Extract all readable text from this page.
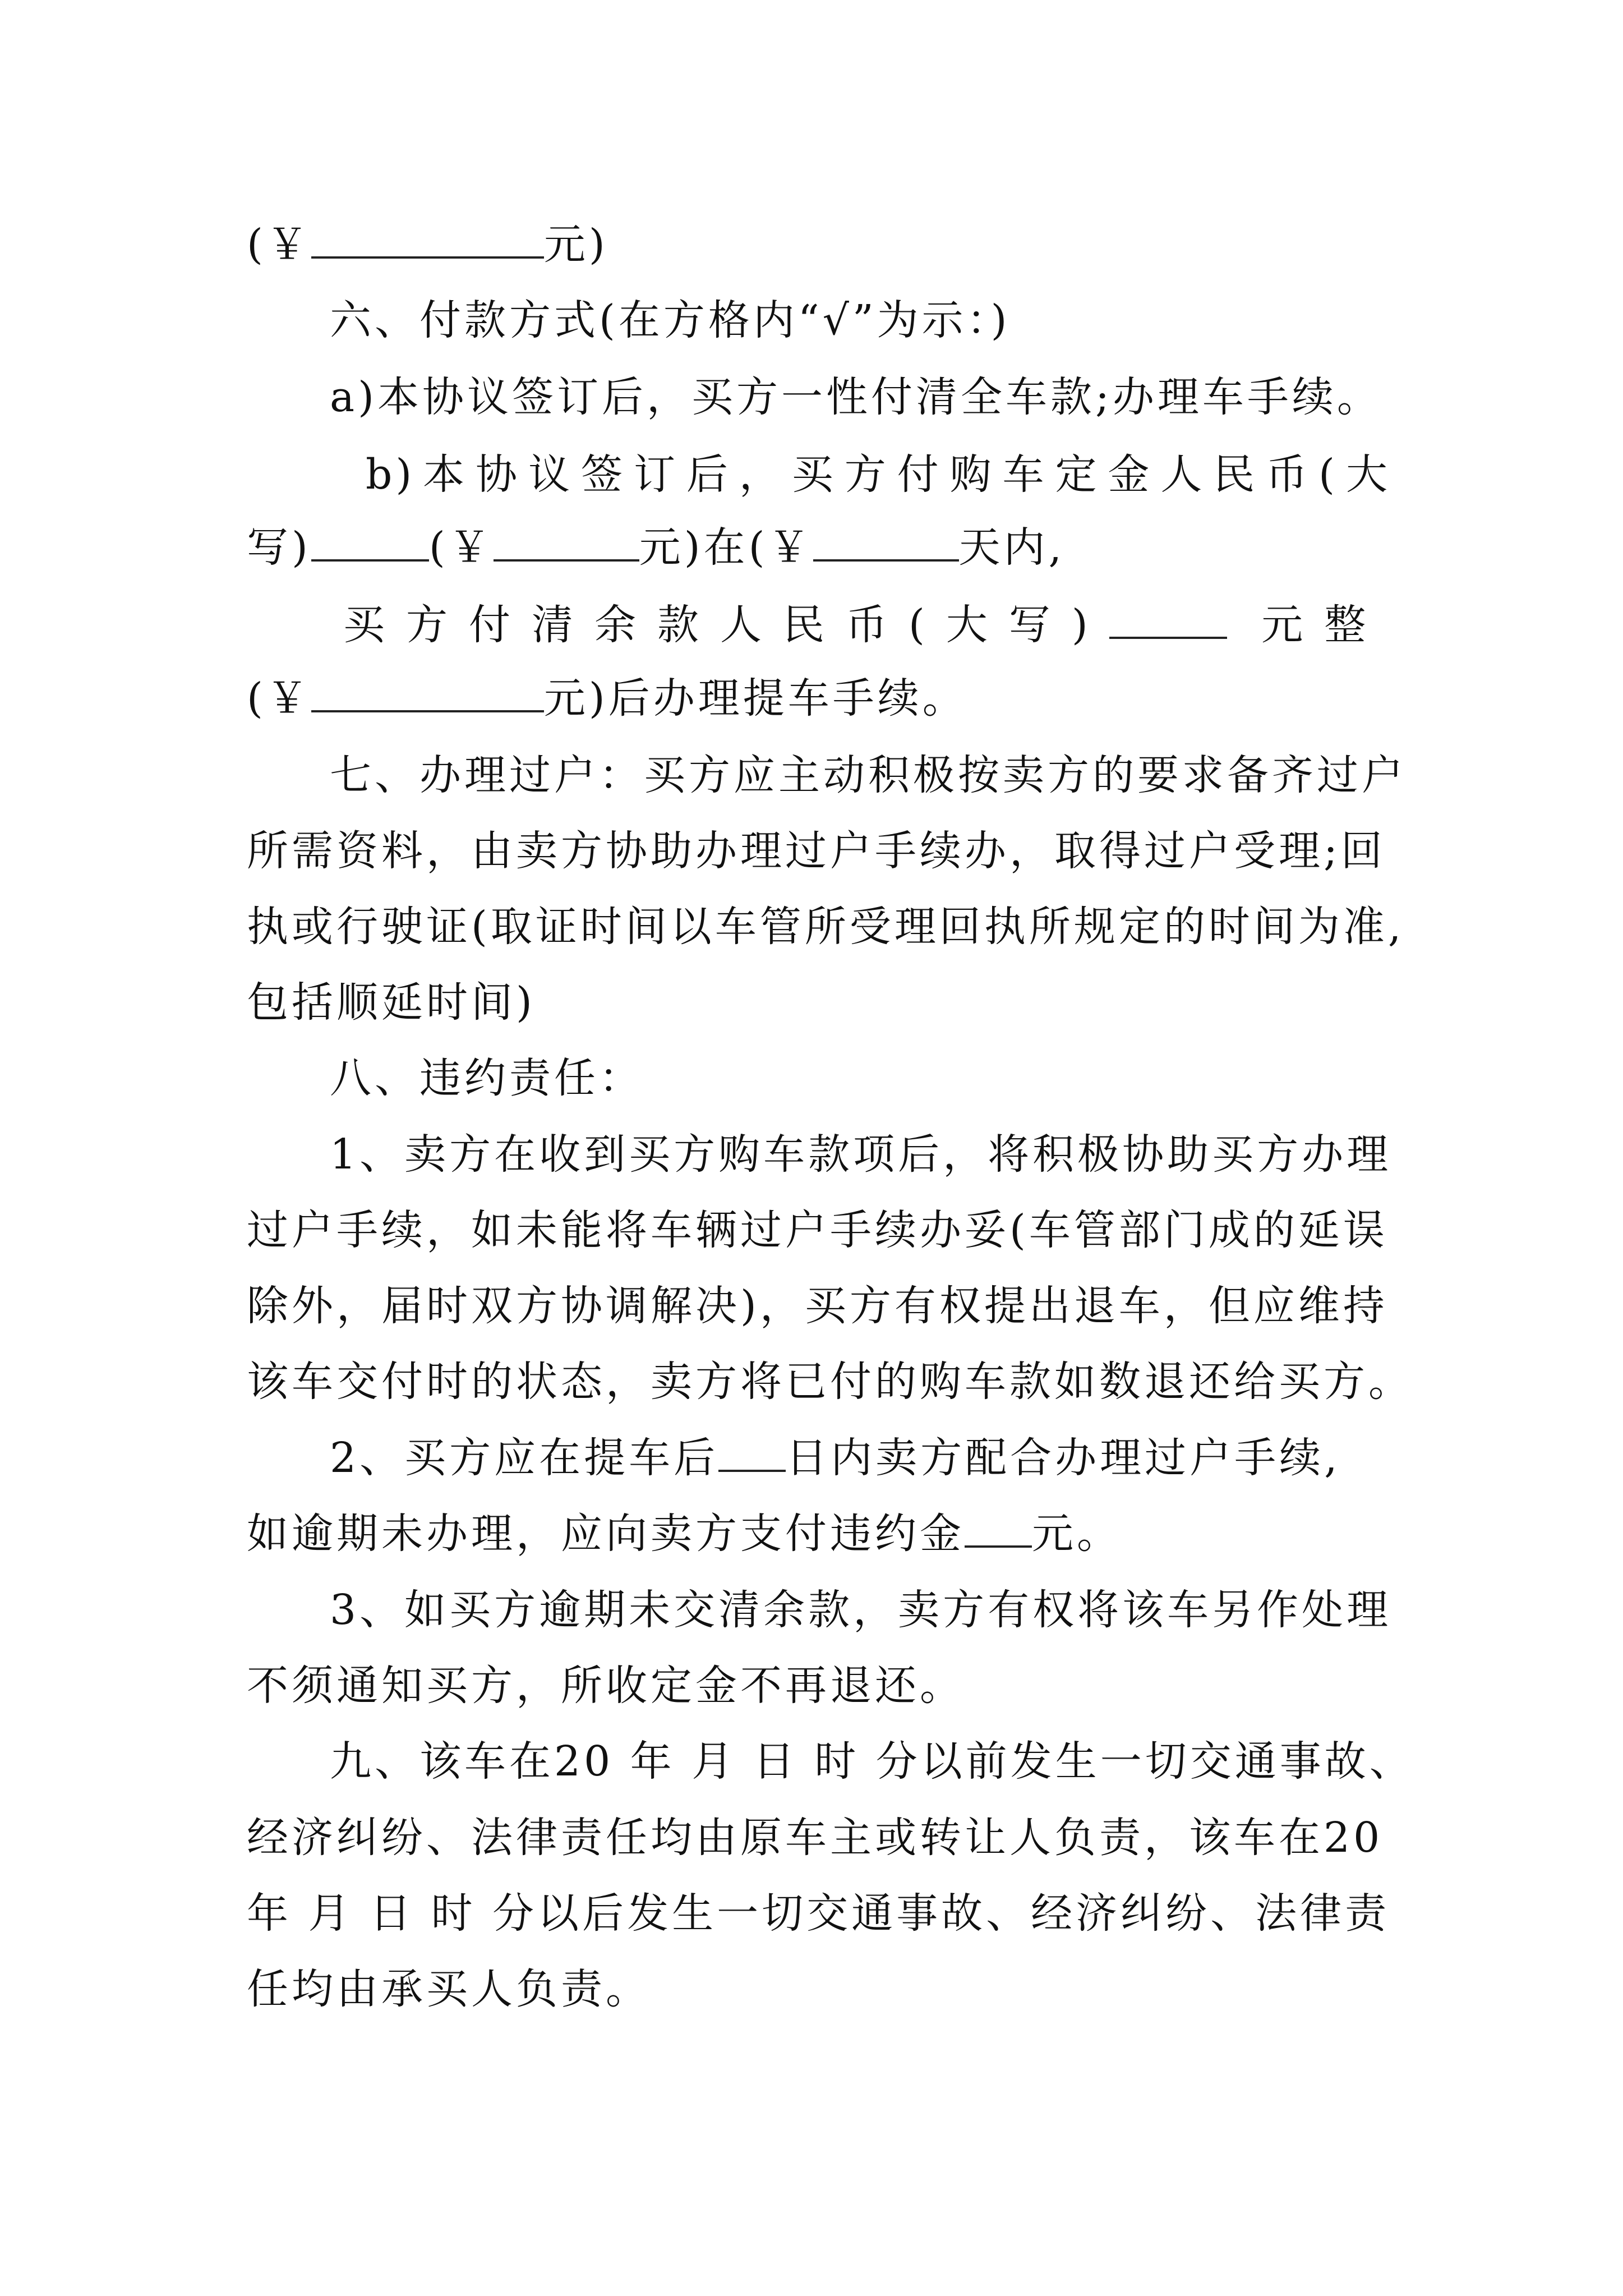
(￥	元)
六、付款方式(在方格内“√”为示：)
a)本协议签订后，买方一性付清全车款;办理车手续。
b)本协议签订后，买方付购车定金人民币(大
写)	(￥	元)在(￥	天内,
买方付清余款人民币(大写)	元整
(￥	元)后办理提车手续。
七、办理过户：买方应主动积极按卖方的要求备齐过户
所需资料，由卖方协助办理过户手续办，取得过户受理;回
执或行驶证(取证时间以车管所受理回执所规定的时间为准,
包括顺延时间)
八、违约责任：
1、卖方在收到买方购车款项后，将积极协助买方办理
过户手续，如未能将车辆过户手续办妥(车管部门成的延误
除外，届时双方协调解决)，买方有权提出退车，但应维持
该车交付时的状态，卖方将已付的购车款如数退还给买方。
2、买方应在提车后 日内卖方配合办理过户手续,
如逾期未办理，应向卖方支付违约金 元。
3、如买方逾期未交清余款，卖方有权将该车另作处理
不须通知买方，所收定金不再退还。
九、该车在20 年 月 日 时 分以前发生一切交通事故、
经济纠纷、法律责任均由原车主或转让人负责，该车在20
年 月 日 时 分以后发生一切交通事故、经济纠纷、法律责
任均由承买人负责。
